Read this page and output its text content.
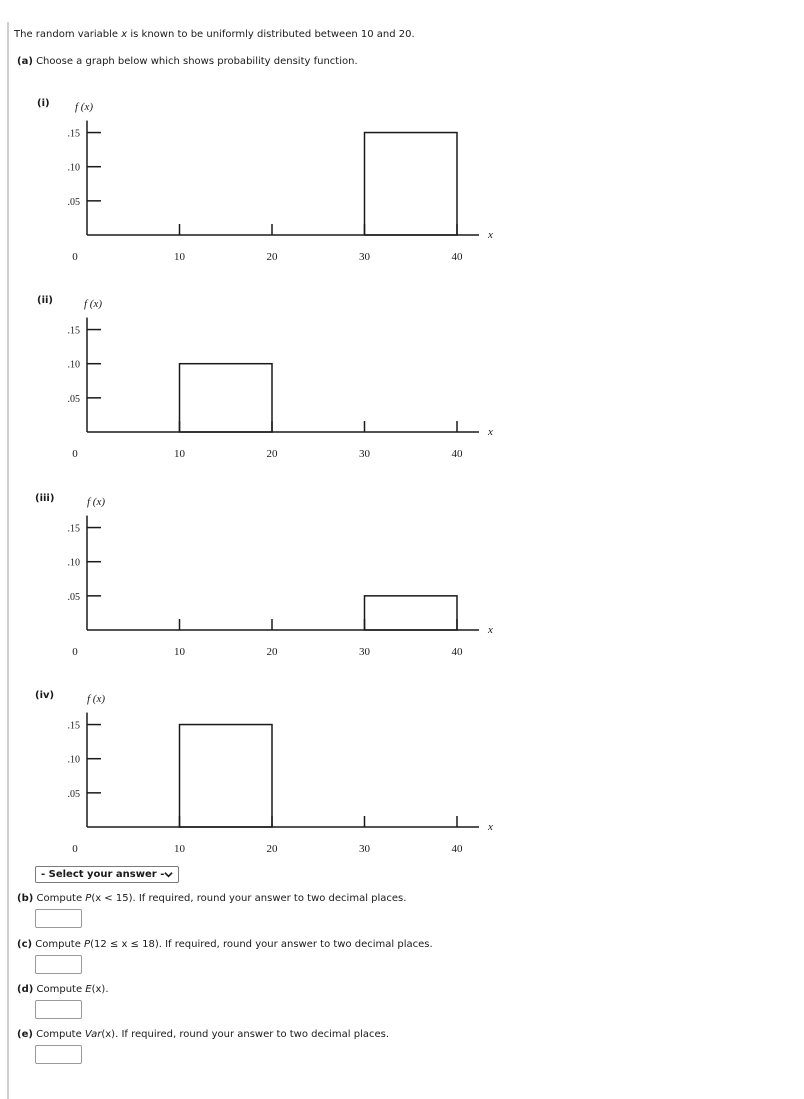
The random variable x is known to be uniformly distributed between 10 and 20.
(a) Choose a graph below which shows probability density function.
(i) f (x)
.15
.10
.05
0	10	20	30	40
x
(ii)	f (x)
.15
.10
.05
0	10	20	30	40
x
(iii)	f (x)
.15
.10
.05
0	10	20	30	40
x
(iv)	f (x)
.15
.10
.05
0	10	20	30	40
x
- Select your answer -
(b) Compute P(x < 15). If required, round your answer to two decimal places.
(c) Compute P(12 ≤ x ≤ 18). If required, round your answer to two decimal places.
(d) Compute E(x).
(e) Compute Var(x). If required, round your answer to two decimal places.
